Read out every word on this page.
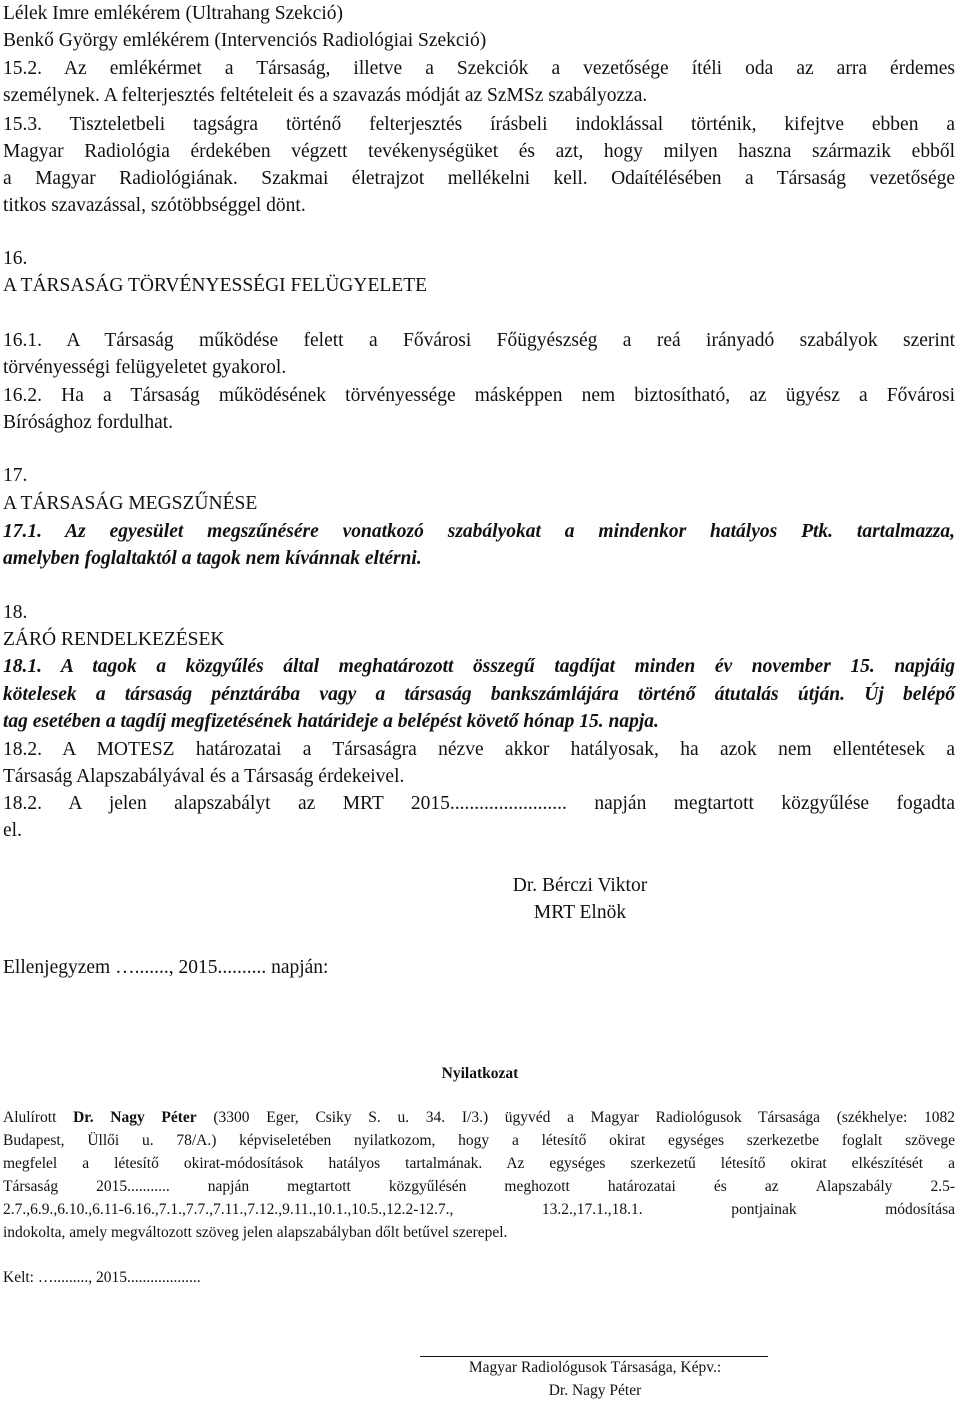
Lélek Imre emlékérem (Ultrahang Szekció)

Benkő György emlékérem (Intervenciós Radiológiai Szekció)

15.2. Az emlékérmet a Társaság, illetve a Szekciók a vezetősége ítéli oda az arra érdemes

személynek. A felterjesztés feltételeit és a szavazás módját az SzMSz szabályozza.

15.3. Tiszteletbeli tagságra történő felterjesztés írásbeli indoklással történik, kifejtve ebben a

Magyar Radiológia érdekében végzett tevékenységüket és azt, hogy milyen haszna származik ebből

a Magyar Radiológiának. Szakmai életrajzot mellékelni kell. Odaítélésében a Társaság vezetősége

titkos szavazással, szótöbbséggel dönt.

16.

A TÁRSASÁG TÖRVÉNYESSÉGI FELÜGYELETE

16.1. A Társaság működése felett a Fővárosi Főügyészség a reá irányadó szabályok szerint

törvényességi felügyeletet gyakorol.

16.2. Ha a Társaság működésének törvényessége másképpen nem biztosítható, az ügyész a Fővárosi

Bírósághoz fordulhat.

17.

A TÁRSASÁG MEGSZŰNÉSE

17.1. Az egyesület megszűnésére vonatkozó szabályokat a mindenkor hatályos Ptk. tartalmazza,

amelyben foglaltaktól a tagok nem kívánnak eltérni.

18.

ZÁRÓ RENDELKEZÉSEK

18.1. A tagok a közgyűlés által meghatározott összegű tagdíjat minden év november 15. napjáig

kötelesek a társaság pénztárába vagy a társaság bankszámlájára történő átutalás útján. Új belépő

tag esetében a tagdíj megfizetésének határideje a belépést követő hónap 15. napja.

18.2. A MOTESZ határozatai a Társaságra nézve akkor hatályosak, ha azok nem ellentétesek a

Társaság Alapszabályával és a Társaság érdekeivel.

18.2. A jelen alapszabályt az MRT 2015........................ napján megtartott közgyűlése fogadta

el.

Dr. Bérczi Viktor

MRT Elnök

Ellenjegyzem …......., 2015.......... napján:

Nyilatkozat

Alulírott Dr. Nagy Péter (3300 Eger, Csiky S. u. 34. I/3.) ügyvéd a Magyar Radiológusok Társasága (székhelye: 1082

Budapest, Üllői u. 78/A.) képviseletében nyilatkozom, hogy a létesítő okirat egységes szerkezetbe foglalt szövege

megfelel a létesítő okirat-módosítások hatályos tartalmának. Az egységes szerkezetű létesítő okirat elkészítését a

Társaság 2015........... napján megtartott közgyűlésén meghozott határozatai és az Alapszabály 2.5-

2.7.,6.9.,6.10.,6.11-6.16.,7.1.,7.7.,7.11.,7.12.,9.11.,10.1.,10.5.,12.2-12.7., 13.2.,17.1.,18.1. pontjainak módosítása

indokolta, amely megváltozott szöveg jelen alapszabályban dőlt betűvel szerepel.

Kelt: …........., 2015...................

Magyar Radiológusok Társasága, Képv.:

Dr. Nagy Péter
